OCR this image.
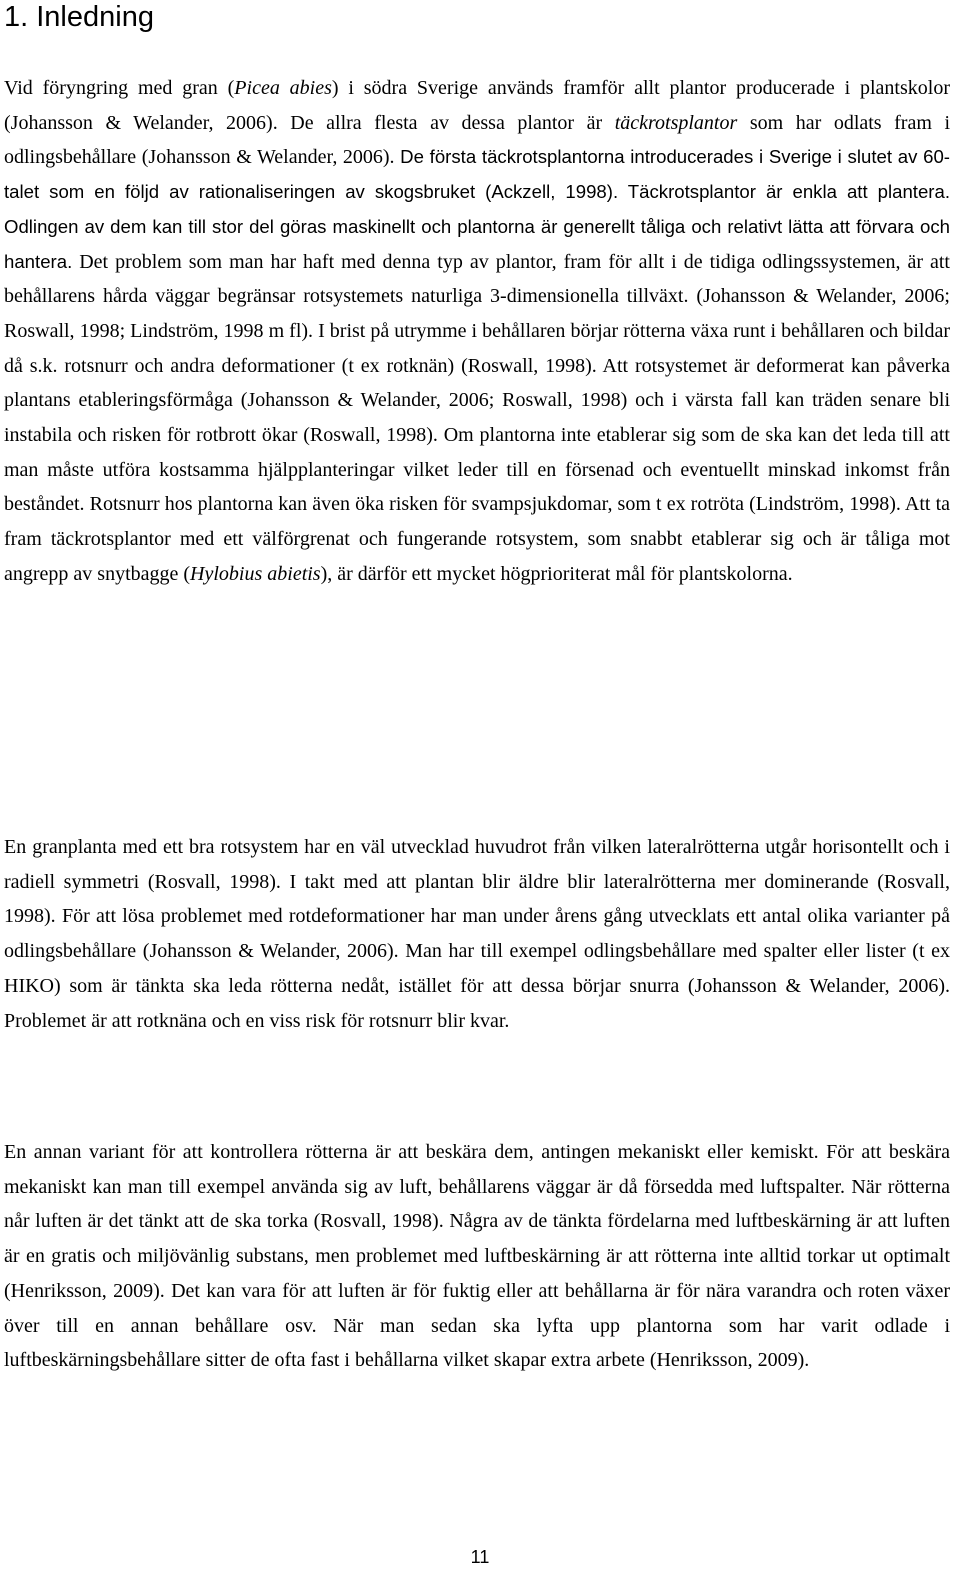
1. Inledning

Vid föryngring med gran (Picea abies) i södra Sverige används framför allt plantor producerade i plantskolor (Johansson & Welander, 2006). De allra flesta av dessa plantor är täckrotsplantor som har odlats fram i odlingsbehållare (Johansson & Welander, 2006). De första täckrotsplantorna introducerades i Sverige i slutet av 60-talet som en följd av rationaliseringen av skogsbruket (Ackzell, 1998). Täckrotsplantor är enkla att plantera. Odlingen av dem kan till stor del göras maskinellt och plantorna är generellt tåliga och relativt lätta att förvara och hantera. Det problem som man har haft med denna typ av plantor, fram för allt i de tidiga odlingssystemen, är att behållarens hårda väggar begränsar rotsystemets naturliga 3-dimensionella tillväxt. (Johansson & Welander, 2006; Roswall, 1998; Lindström, 1998 m fl). I brist på utrymme i behållaren börjar rötterna växa runt i behållaren och bildar då s.k. rotsnurr och andra deformationer (t ex rotknän) (Roswall, 1998). Att rotsystemet är deformerat kan påverka plantans etableringsförmåga (Johansson & Welander, 2006; Roswall, 1998) och i värsta fall kan träden senare bli instabila och risken för rotbrott ökar (Roswall, 1998). Om plantorna inte etablerar sig som de ska kan det leda till att man måste utföra kostsamma hjälpplanteringar vilket leder till en försenad och eventuellt minskad inkomst från beståndet. Rotsnurr hos plantorna kan även öka risken för svampsjukdomar, som t ex rotröta (Lindström, 1998). Att ta fram täckrotsplantor med ett välförgrenat och fungerande rotsystem, som snabbt etablerar sig och är tåliga mot angrepp av snytbagge (Hylobius abietis), är därför ett mycket högprioriterat mål för plantskolorna.

En granplanta med ett bra rotsystem har en väl utvecklad huvudrot från vilken lateralrötterna utgår horisontellt och i radiell symmetri (Rosvall, 1998). I takt med att plantan blir äldre blir lateralrötterna mer dominerande (Rosvall, 1998). För att lösa problemet med rotdeformationer har man under årens gång utvecklats ett antal olika varianter på odlingsbehållare (Johansson & Welander, 2006). Man har till exempel odlingsbehållare med spalter eller lister (t ex HIKO) som är tänkta ska leda rötterna nedåt, istället för att dessa börjar snurra (Johansson & Welander, 2006). Problemet är att rotknäna och en viss risk för rotsnurr blir kvar.

En annan variant för att kontrollera rötterna är att beskära dem, antingen mekaniskt eller kemiskt. För att beskära mekaniskt kan man till exempel använda sig av luft, behållarens väggar är då försedda med luftspalter. När rötterna når luften är det tänkt att de ska torka (Rosvall, 1998). Några av de tänkta fördelarna med luftbeskärning är att luften är en gratis och miljövänlig substans, men problemet med luftbeskärning är att rötterna inte alltid torkar ut optimalt (Henriksson, 2009). Det kan vara för att luften är för fuktig eller att behållarna är för nära varandra och roten växer över till en annan behållare osv. När man sedan ska lyfta upp plantorna som har varit odlade i luftbeskärningsbehållare sitter de ofta fast i behållarna vilket skapar extra arbete (Henriksson, 2009).

11
